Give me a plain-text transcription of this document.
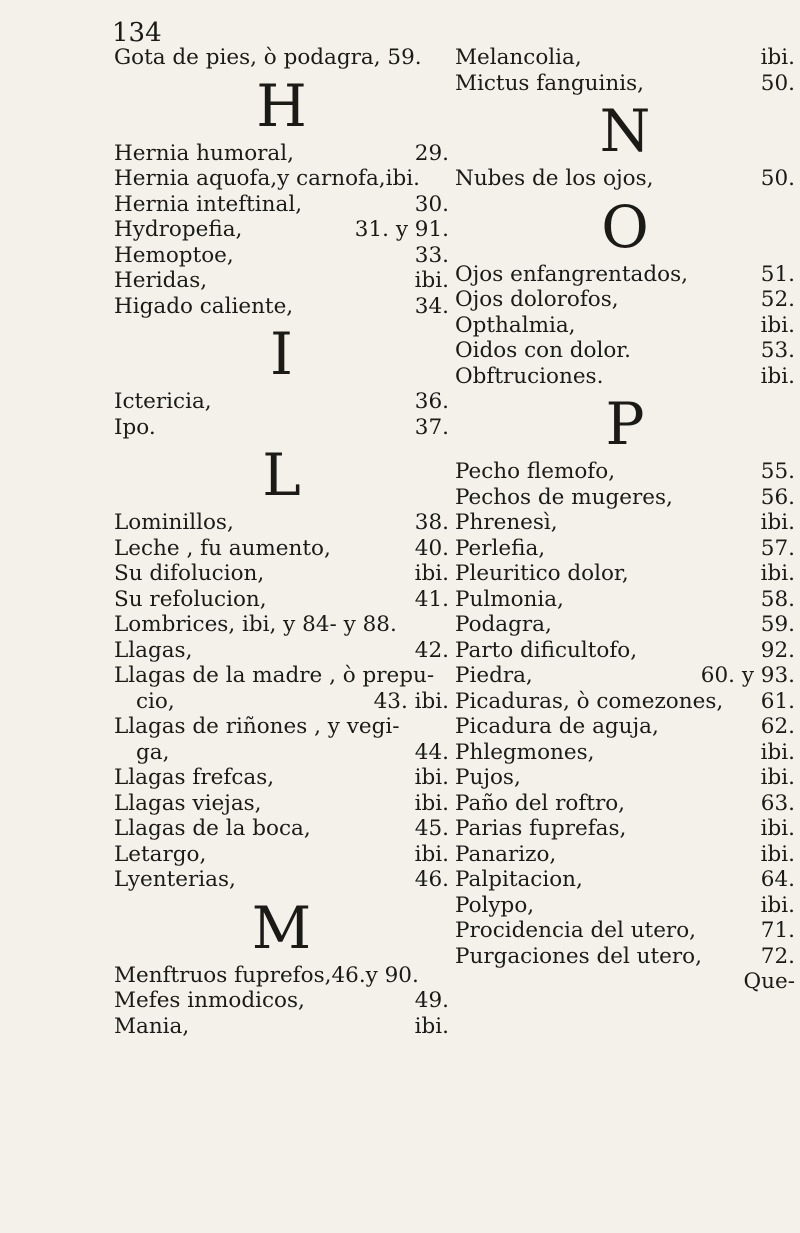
134
Gota de pies, ò podagra, 59.
H
Hernia humoral,	29.
Hernia aquofa,y carnofa,ibi.
Hernia inteftinal,	30.
Hydropefia,	31. y 91.
Hemoptoe,	33.
Heridas,	ibi.
Higado caliente,	34.
I
Ictericia,	36.
Ipo.	37.
L
Lominillos,	38.
Leche , fu aumento,	40.
Su difolucion,	ibi.
Su refolucion,	41.
Lombrices, ibi, y 84- y 88.
Llagas,	42.
Llagas de la madre , ò prepu-
cio,	43. ibi.
Llagas de riñones , y vegi-
ga,	44.
Llagas frefcas,	ibi.
Llagas viejas,	ibi.
Llagas de la boca,	45.
Letargo,	ibi.
Lyenterias,	46.
M
Menftruos fuprefos,46.y 90.
Mefes inmodicos,	49.
Mania,	ibi.
Melancolia,	ibi.
Mictus fanguinis,	50.
N
Nubes de los ojos,	50.
O
Ojos enfangrentados,	51.
Ojos dolorofos,	52.
Opthalmia,	ibi.
Oidos con dolor.	53.
Obftruciones.	ibi.
P
Pecho flemofo,	55.
Pechos de mugeres,	56.
Phrenesì,	ibi.
Perlefia,	57.
Pleuritico dolor,	ibi.
Pulmonia,	58.
Podagra,	59.
Parto dificultofo,	92.
Piedra,	60. y 93.
Picaduras, ò comezones, 61.
Picadura de aguja,	62.
Phlegmones,	ibi.
Pujos,	ibi.
Paño del roftro,	63.
Parias fuprefas,	ibi.
Panarizo,	ibi.
Palpitacion,	64.
Polypo,	ibi.
Procidencia del utero,	71.
Purgaciones del utero,	72.
Que-
